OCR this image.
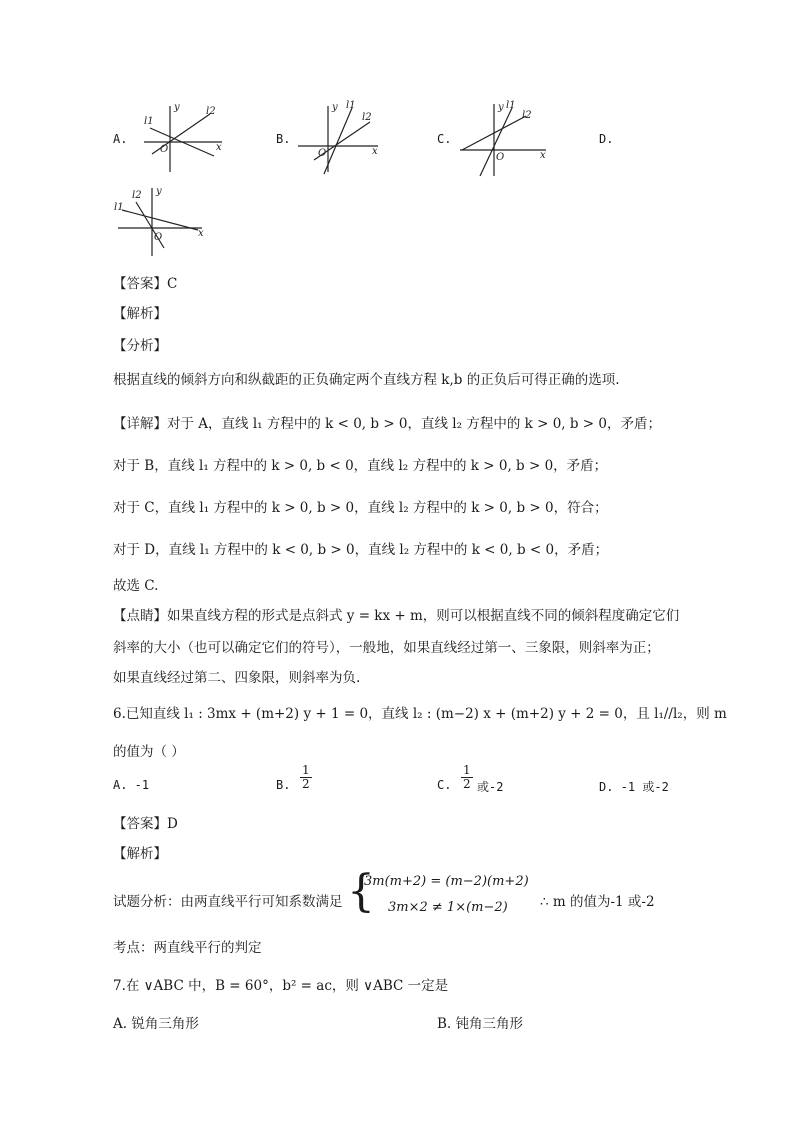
A.
y
x
O
l1
l2
B.
y
x
O
l1
l2
C.
y
x
O
l1
l2
D.
y
x
O
l1
l2
【答案】C
【解析】
【分析】
根据直线的倾斜方向和纵截距的正负确定两个直线方程 k,b 的正负后可得正确的选项.
【详解】对于 A，直线 l₁ 方程中的 k < 0, b > 0，直线 l₂ 方程中的 k > 0, b > 0，矛盾；
对于 B，直线 l₁ 方程中的 k > 0, b < 0，直线 l₂ 方程中的 k > 0, b > 0，矛盾；
对于 C，直线 l₁ 方程中的 k > 0, b > 0，直线 l₂ 方程中的 k > 0, b > 0，符合；
对于 D，直线 l₁ 方程中的 k < 0, b > 0，直线 l₂ 方程中的 k < 0, b < 0，矛盾；
故选 C.
【点睛】如果直线方程的形式是点斜式 y = kx + m，则可以根据直线不同的倾斜程度确定它们
斜率的大小（也可以确定它们的符号），一般地，如果直线经过第一、三象限，则斜率为正；
如果直线经过第二、四象限，则斜率为负.
6.已知直线 l₁ : 3mx + (m+2) y + 1 = 0，直线 l₂ : (m−2) x + (m+2) y + 2 = 0，且 l₁//l₂，则 m
的值为（ ）
A. -1	B. $\frac{1}{2}$	C. $\frac{1}{2}$ 或-2	D. -1 或-2
【答案】D
【解析】
试题分析：由两直线平行可知系数满足 {
3m(m+2) = (m−2)(m+2)
3m×2 ≠ 1×(m−2) ∴ m 的值为-1 或-2
考点：两直线平行的判定
7.在 ∨ABC 中，B = 60°，b² = ac，则 ∨ABC 一定是
A. 锐角三角形	B. 钝角三角形
